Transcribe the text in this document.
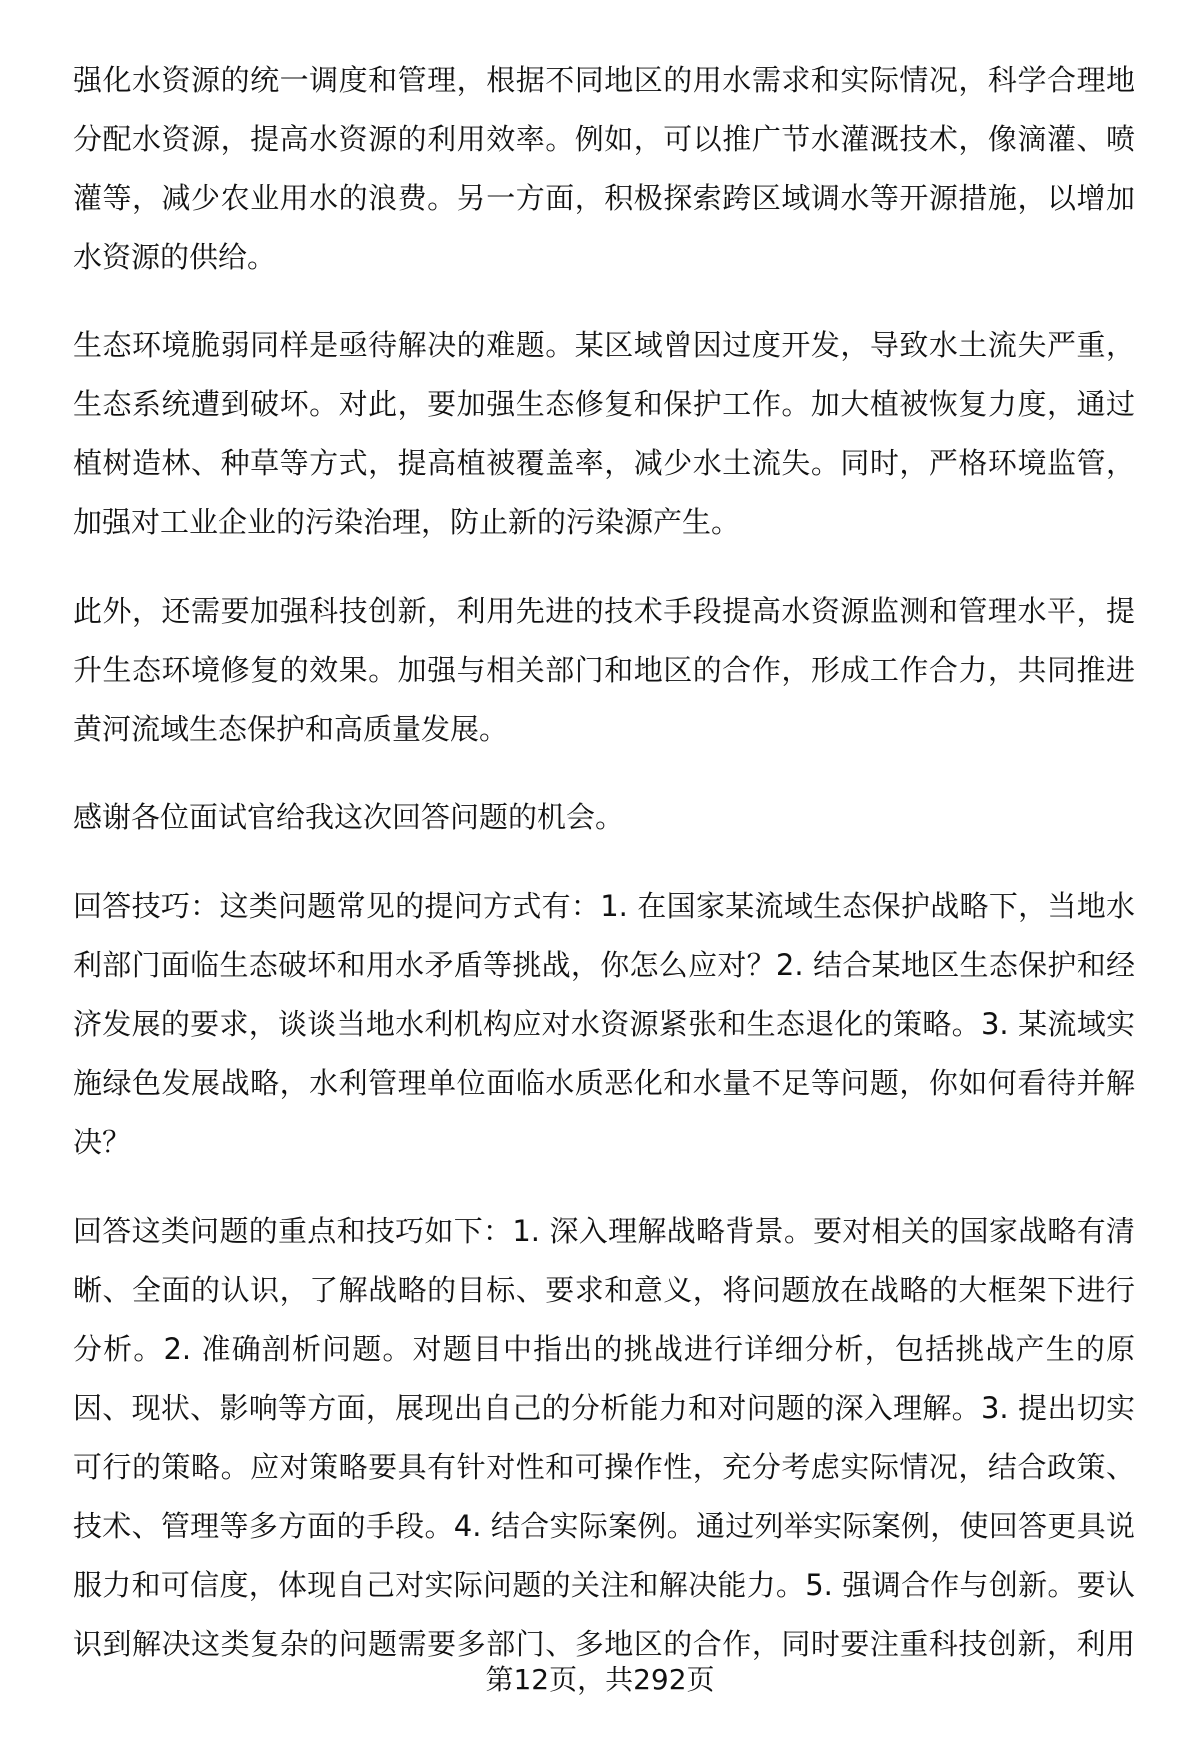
强化水资源的统一调度和管理，根据不同地区的用水需求和实际情况，科学合理地
分配水资源，提高水资源的利用效率。例如，可以推广节水灌溉技术，像滴灌、喷
灌等，减少农业用水的浪费。另一方面，积极探索跨区域调水等开源措施，以增加
水资源的供给。
生态环境脆弱同样是亟待解决的难题。某区域曾因过度开发，导致水土流失严重，
生态系统遭到破坏。对此，要加强生态修复和保护工作。加大植被恢复力度，通过
植树造林、种草等方式，提高植被覆盖率，减少水土流失。同时，严格环境监管，
加强对工业企业的污染治理，防止新的污染源产生。
此外，还需要加强科技创新，利用先进的技术手段提高水资源监测和管理水平，提
升生态环境修复的效果。加强与相关部门和地区的合作，形成工作合力，共同推进
黄河流域生态保护和高质量发展。
感谢各位面试官给我这次回答问题的机会。
回答技巧：这类问题常见的提问方式有：1. 在国家某流域生态保护战略下，当地水
利部门面临生态破坏和用水矛盾等挑战，你怎么应对？2. 结合某地区生态保护和经
济发展的要求，谈谈当地水利机构应对水资源紧张和生态退化的策略。3. 某流域实
施绿色发展战略，水利管理单位面临水质恶化和水量不足等问题，你如何看待并解
决？
回答这类问题的重点和技巧如下：1. 深入理解战略背景。要对相关的国家战略有清
晰、全面的认识，了解战略的目标、要求和意义，将问题放在战略的大框架下进行
分析。2. 准确剖析问题。对题目中指出的挑战进行详细分析，包括挑战产生的原
因、现状、影响等方面，展现出自己的分析能力和对问题的深入理解。3. 提出切实
可行的策略。应对策略要具有针对性和可操作性，充分考虑实际情况，结合政策、
技术、管理等多方面的手段。4. 结合实际案例。通过列举实际案例，使回答更具说
服力和可信度，体现自己对实际问题的关注和解决能力。5. 强调合作与创新。要认
识到解决这类复杂的问题需要多部门、多地区的合作，同时要注重科技创新，利用
第12页，共292页
